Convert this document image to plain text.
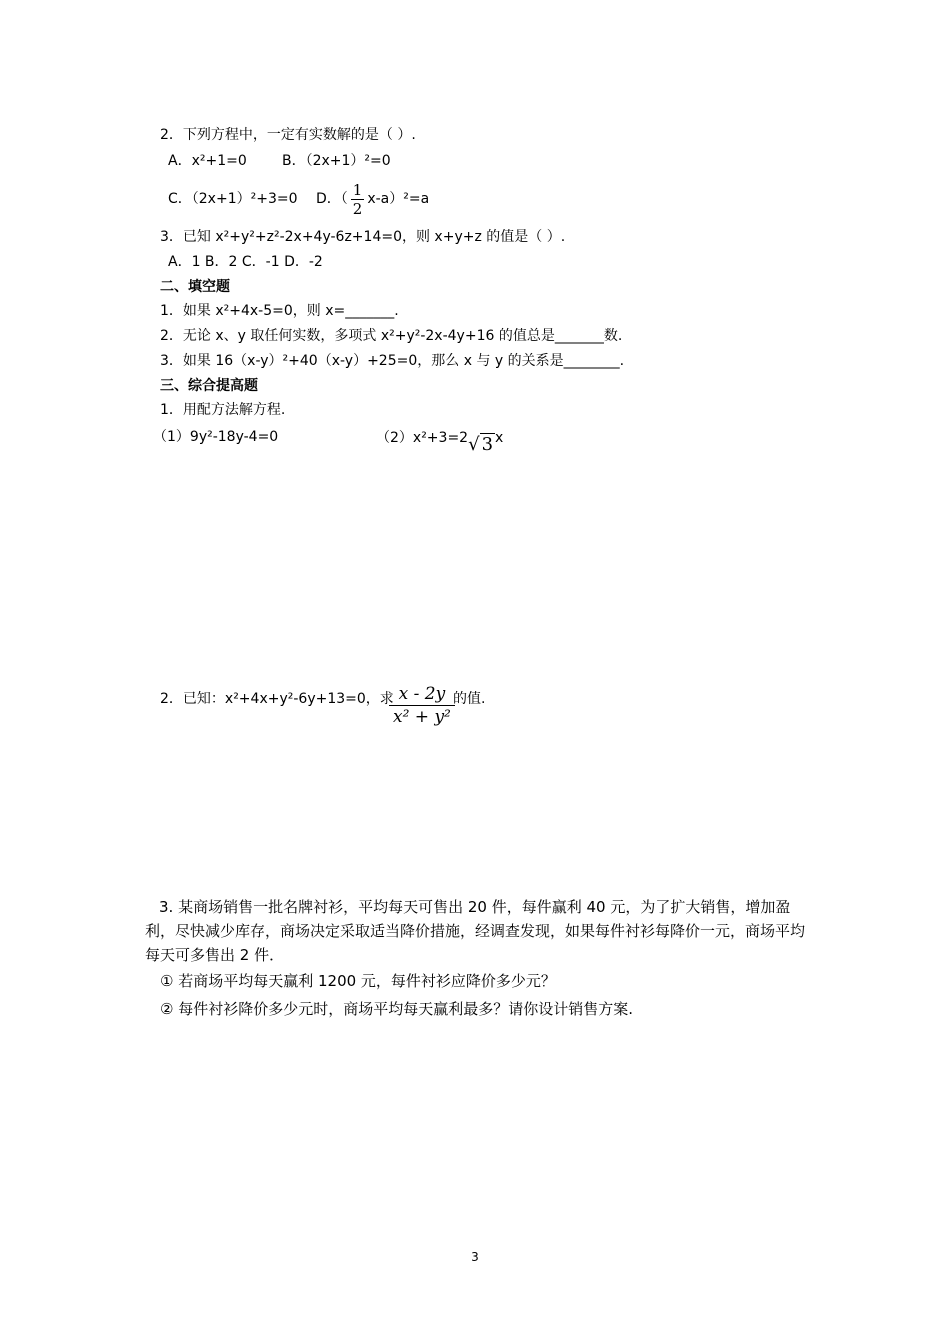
2．下列方程中，一定有实数解的是（ ）.
A．x²+1=0	B．（2x+1）²=0
C．（2x+1）²+3=0 D．（ $\frac{1}{2} x-a)^2=a$
3．已知 x²+y²+z²-2x+4y-6z+14=0，则 x+y+z 的值是（ ）.
A．1 B．2 C．-1 D．-2
二、填空题
1．如果 x²+4x-5=0，则 x=_______.
2．无论 x、y 取任何实数，多项式 x²+y²-2x-4y+16 的值总是_______数.
3．如果 16（x-y）²+40（x-y）+25=0，那么 x 与 y 的关系是________.
三、综合提高题
1．用配方法解方程.
（1）9y²-18y-4=0	（2）x²+3=2√ 3 x
2．已知：x²+4x+y²-6y+13=0，求
$\frac{x - 2y}{\text{x² + y²}}$
的值.
3. 某商场销售一批名牌衬衫，平均每天可售出 20 件，每件赢利 40 元，为了扩大销售，增加盈利，尽快减少库存，商场决定采取适当降价措施，经调查发现，如果每件衬衫每降价一元，商场平均每天可多售出 2 件．
① 若商场平均每天赢利 1200 元，每件衬衫应降价多少元？
② 每件衬衫降价多少元时，商场平均每天赢利最多？请你设计销售方案.
3
